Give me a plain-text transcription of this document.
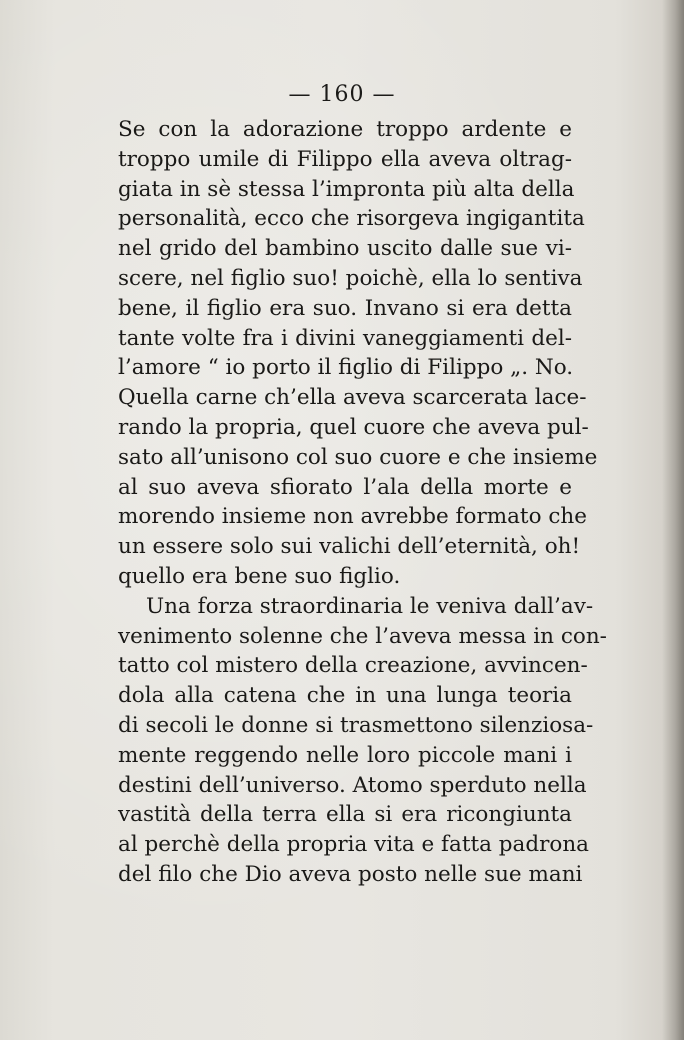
— 160 —
Se con la adorazione troppo ardente e
troppo umile di Filippo ella aveva oltrag-
giata in sè stessa l’impronta più alta della
personalità, ecco che risorgeva ingigantita
nel grido del bambino uscito dalle sue vi-
scere, nel figlio suo! poichè, ella lo sentiva
bene, il figlio era suo. Invano si era detta
tante volte fra i divini vaneggiamenti del-
l’amore “ io porto il figlio di Filippo „. No.
Quella carne ch’ella aveva scarcerata lace-
rando la propria, quel cuore che aveva pul-
sato all’unisono col suo cuore e che insieme
al suo aveva sfiorato l’ala della morte e
morendo insieme non avrebbe formato che
un essere solo sui valichi dell’eternità, oh!
quello era bene suo figlio.
Una forza straordinaria le veniva dall’av-
venimento solenne che l’aveva messa in con-
tatto col mistero della creazione, avvincen-
dola alla catena che in una lunga teoria
di secoli le donne si trasmettono silenziosa-
mente reggendo nelle loro piccole mani i
destini dell’universo. Atomo sperduto nella
vastità della terra ella si era ricongiunta
al perchè della propria vita e fatta padrona
del filo che Dio aveva posto nelle sue mani
